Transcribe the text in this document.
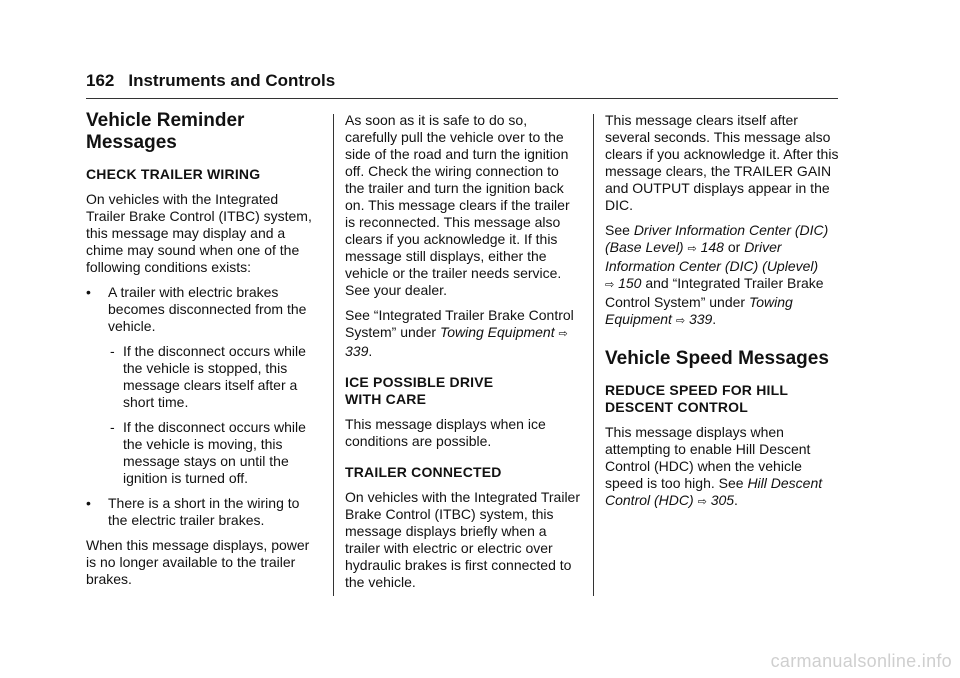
162 Instruments and Controls
Vehicle Reminder
Messages
CHECK TRAILER WIRING

On vehicles with the Integrated Trailer Brake Control (ITBC) system, this message may display and a chime may sound when one of the following conditions exists:

•	A trailer with electric brakes becomes disconnected from the vehicle.
- If the disconnect occurs while the vehicle is stopped, this message clears itself after a short time.
- If the disconnect occurs while the vehicle is moving, this message stays on until the ignition is turned off.
•	There is a short in the wiring to the electric trailer brakes.

When this message displays, power is no longer available to the trailer brakes.

As soon as it is safe to do so, carefully pull the vehicle over to the side of the road and turn the ignition off. Check the wiring connection to the trailer and turn the ignition back on. This message clears if the trailer is reconnected. This message also clears if you acknowledge it. If this message still displays, either the vehicle or the trailer needs service. See your dealer.

See “Integrated Trailer Brake Control System” under Towing Equipment ⇨ 339.

ICE POSSIBLE DRIVE
WITH CARE

This message displays when ice conditions are possible.

TRAILER CONNECTED

On vehicles with the Integrated Trailer Brake Control (ITBC) system, this message displays briefly when a trailer with electric or electric over hydraulic brakes is first connected to the vehicle.

This message clears itself after several seconds. This message also clears if you acknowledge it. After this message clears, the TRAILER GAIN and OUTPUT displays appear in the DIC.

See Driver Information Center (DIC) (Base Level) ⇨ 148 or Driver Information Center (DIC) (Uplevel)
⇨ 150 and “Integrated Trailer Brake Control System” under Towing Equipment ⇨ 339.

Vehicle Speed Messages
REDUCE SPEED FOR HILL
DESCENT CONTROL

This message displays when attempting to enable Hill Descent Control (HDC) when the vehicle speed is too high. See Hill Descent Control (HDC) ⇨ 305.

carmanualsonline.info
